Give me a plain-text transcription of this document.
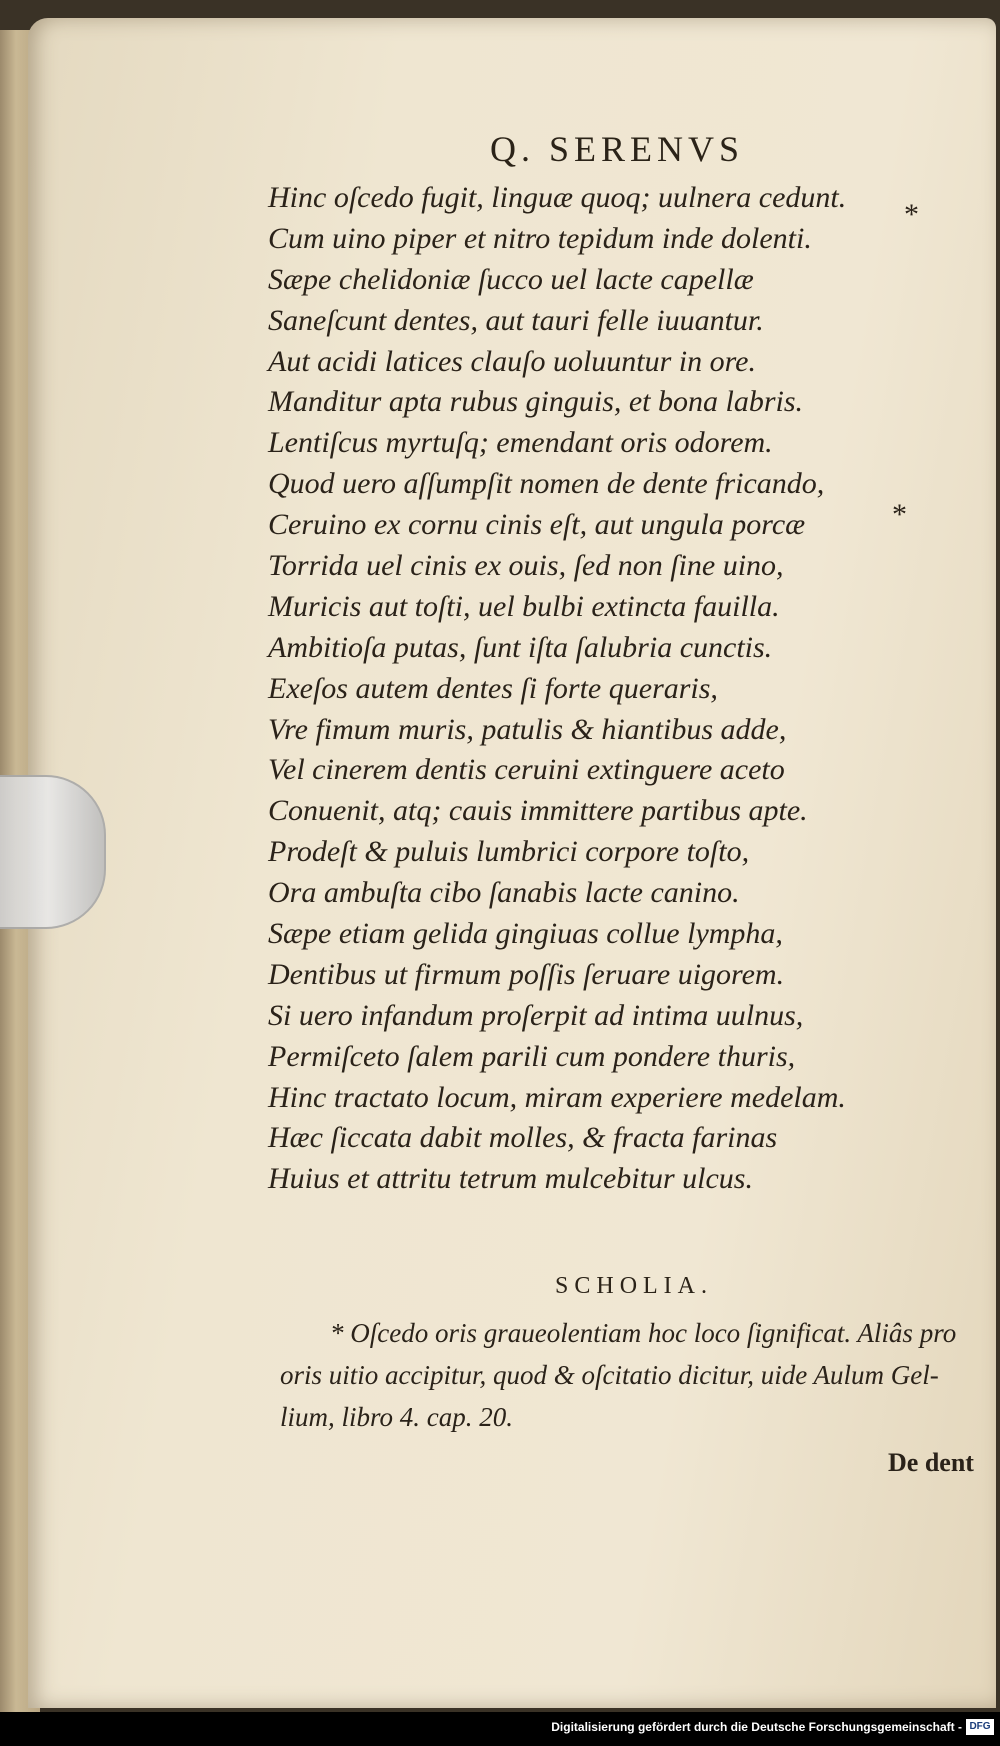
Q. SERENVS
Hinc oſcedo fugit, linguæ quoq; uulnera cedunt.
Cum uino piper et nitro tepidum inde dolenti.
Sæpe chelidoniæ ſucco uel lacte capellæ
Saneſcunt dentes, aut tauri felle iuuantur.
Aut acidi latices clauſo uoluuntur in ore.
Manditur apta rubus ginguis, et bona labris.
Lentiſcus myrtuſq; emendant oris odorem.
Quod uero aſſumpſit nomen de dente fricando,
Ceruino ex cornu cinis eſt, aut ungula porcæ
Torrida uel cinis ex ouis, ſed non ſine uino,
Muricis aut toſti, uel bulbi extincta fauilla.
Ambitioſa putas, ſunt iſta ſalubria cunctis.
Exeſos autem dentes ſi forte queraris,
Vre fimum muris, patulis & hiantibus adde,
Vel cinerem dentis ceruini extinguere aceto
Conuenit, atq; cauis immittere partibus apte.
Prodeſt & puluis lumbrici corpore toſto,
Ora ambuſta cibo ſanabis lacte canino.
Sæpe etiam gelida gingiuas collue lympha,
Dentibus ut firmum poſſis ſeruare uigorem.
Si uero infandum proſerpit ad intima uulnus,
Permiſceto ſalem parili cum pondere thuris,
Hinc tractato locum, miram experiere medelam.
Hæc ſiccata dabit molles, & fracta farinas
Huius et attritu tetrum mulcebitur ulcus.
*
*
SCHOLIA.
* Oſcedo oris graueolentiam hoc loco ſignificat. Aliâs pro
oris uitio accipitur, quod & oſcitatio dicitur, uide Aulum Gel-
lium, libro 4. cap. 20.
De dent
Digitalisierung gefördert durch die Deutsche Forschungsgemeinschaft - DFG
